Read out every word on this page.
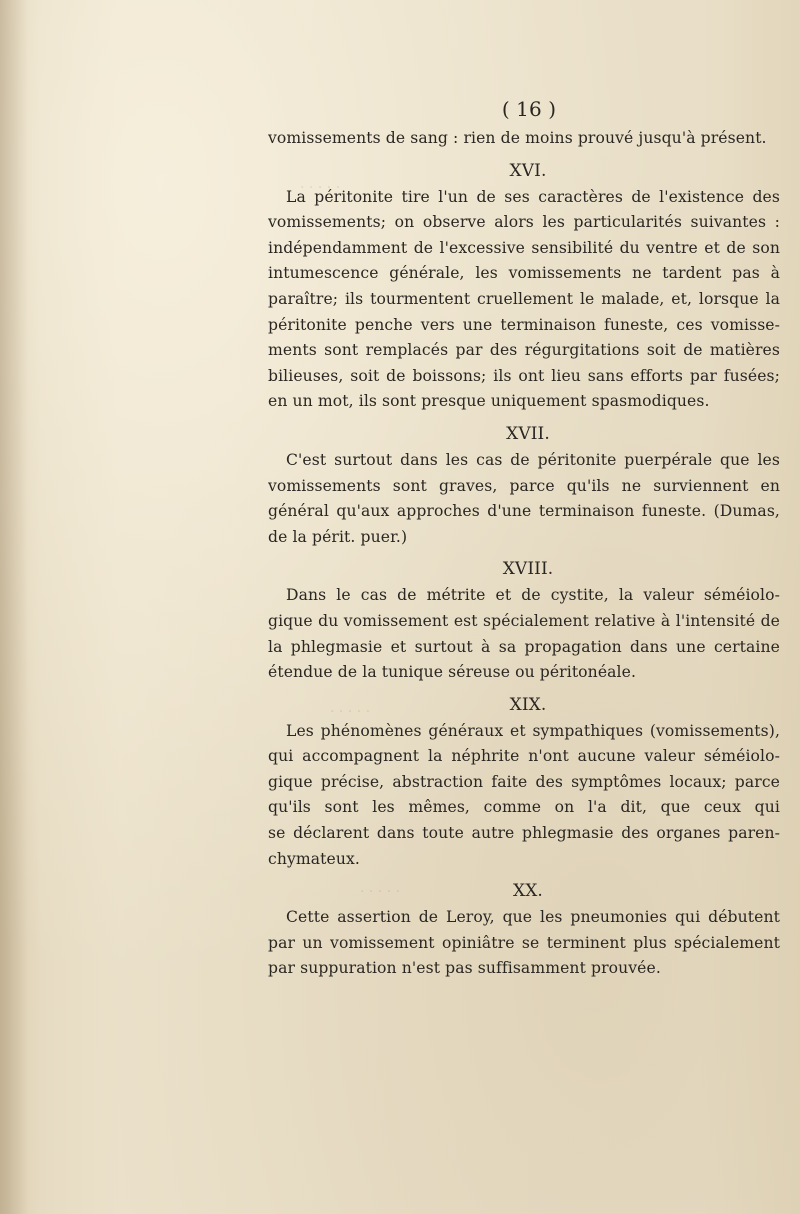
. . . . .
. . . . .
. . . . .
( 16 )
vomissements de sang : rien de moins prouvé jusqu'à présent.
XVI.
La péritonite tire l'un de ses caractères de l'existence des
vomissements; on observe alors les particularités suivantes :
indépendamment de l'excessive sensibilité du ventre et de son
intumescence générale, les vomissements ne tardent pas à
paraître; ils tourmentent cruellement le malade, et, lorsque la
péritonite penche vers une terminaison funeste, ces vomisse-
ments sont remplacés par des régurgitations soit de matières
bilieuses, soit de boissons; ils ont lieu sans efforts par fusées;
en un mot, ils sont presque uniquement spasmodiques.
XVII.
C'est surtout dans les cas de péritonite puerpérale que les
vomissements sont graves, parce qu'ils ne surviennent en
général qu'aux approches d'une terminaison funeste. (Dumas,
de la périt. puer.)
XVIII.
Dans le cas de métrite et de cystite, la valeur séméiolo-
gique du vomissement est spécialement relative à l'intensité de
la phlegmasie et surtout à sa propagation dans une certaine
étendue de la tunique séreuse ou péritonéale.
XIX.
Les phénomènes généraux et sympathiques (vomissements),
qui accompagnent la néphrite n'ont aucune valeur séméiolo-
gique précise, abstraction faite des symptômes locaux; parce
qu'ils sont les mêmes, comme on l'a dit, que ceux qui
se déclarent dans toute autre phlegmasie des organes paren-
chymateux.
XX.
Cette assertion de Leroy, que les pneumonies qui débutent
par un vomissement opiniâtre se terminent plus spécialement
par suppuration n'est pas suffisamment prouvée.
